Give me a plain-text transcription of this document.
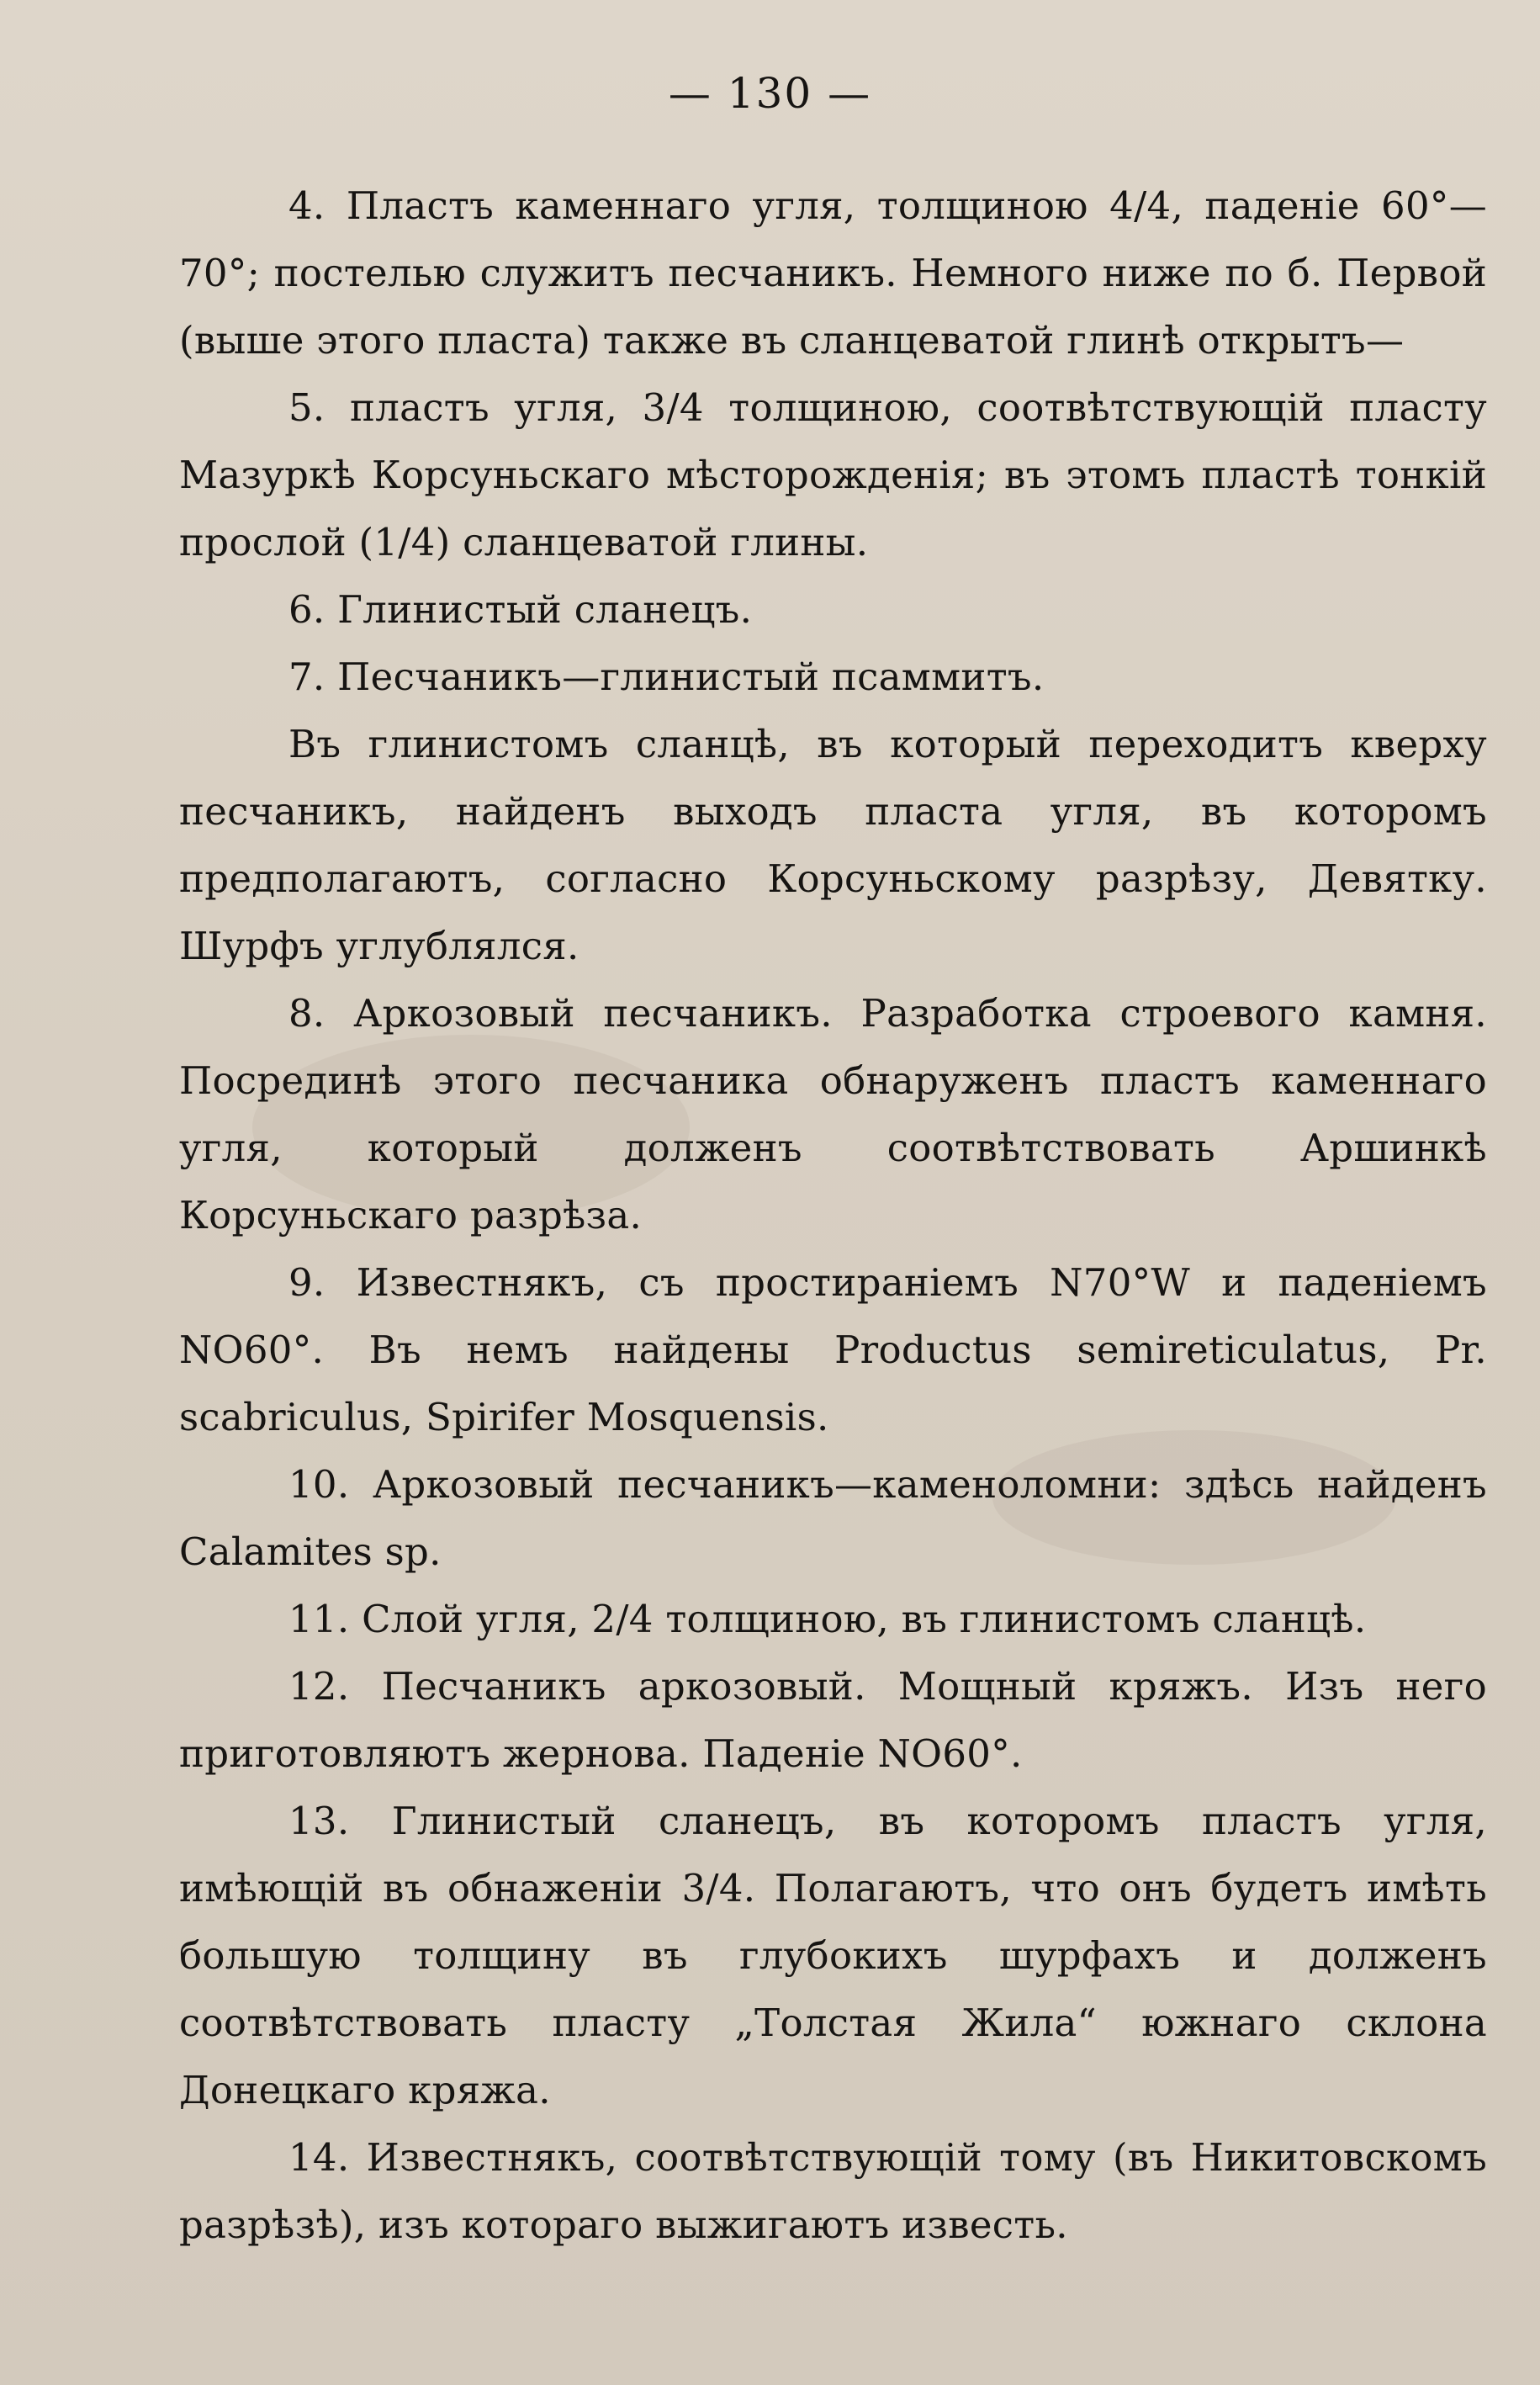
— 130 —

4. Пластъ каменнаго угля, толщиною 4/4, паденіе 60°—70°; постелью служитъ песчаникъ. Немного ниже по б. Первой (выше этого пласта) также въ сланцеватой глинѣ открытъ—

5. пластъ угля, 3/4 толщиною, соотвѣтствующій пласту Мазуркѣ Корсуньскаго мѣсторожденія; въ этомъ пластѣ тонкій прослой (1/4) сланцеватой глины.

6. Глинистый сланецъ.

7. Песчаникъ—глинистый псаммитъ.

Въ глинистомъ сланцѣ, въ который переходитъ кверху песчаникъ, найденъ выходъ пласта угля, въ которомъ предполагаютъ, согласно Корсуньскому разрѣзу, Девятку. Шурфъ углублялся.

8. Аркозовый песчаникъ. Разработка строевого камня. Посрединѣ этого песчаника обнаруженъ пластъ каменнаго угля, который долженъ соотвѣтствовать Аршинкѣ Корсуньскаго разрѣза.

9. Известнякъ, съ простираніемъ N70°W и паденіемъ NO60°. Въ немъ найдены Productus semireticulatus, Pr. scabriculus, Spirifer Mosquensis.

10. Аркозовый песчаникъ—каменоломни: здѣсь найденъ Calamites sp.

11. Слой угля, 2/4 толщиною, въ глинистомъ сланцѣ.

12. Песчаникъ аркозовый. Мощный кряжъ. Изъ него приготовляютъ жернова. Паденіе NO60°.

13. Глинистый сланецъ, въ которомъ пластъ угля, имѣющій въ обнаженіи 3/4. Полагаютъ, что онъ будетъ имѣть большую толщину въ глубокихъ шурфахъ и долженъ соотвѣтствовать пласту „Толстая Жила“ южнаго склона Донецкаго кряжа.

14. Известнякъ, соотвѣтствующій тому (въ Никитовскомъ разрѣзѣ), изъ котораго выжигаютъ известь.
